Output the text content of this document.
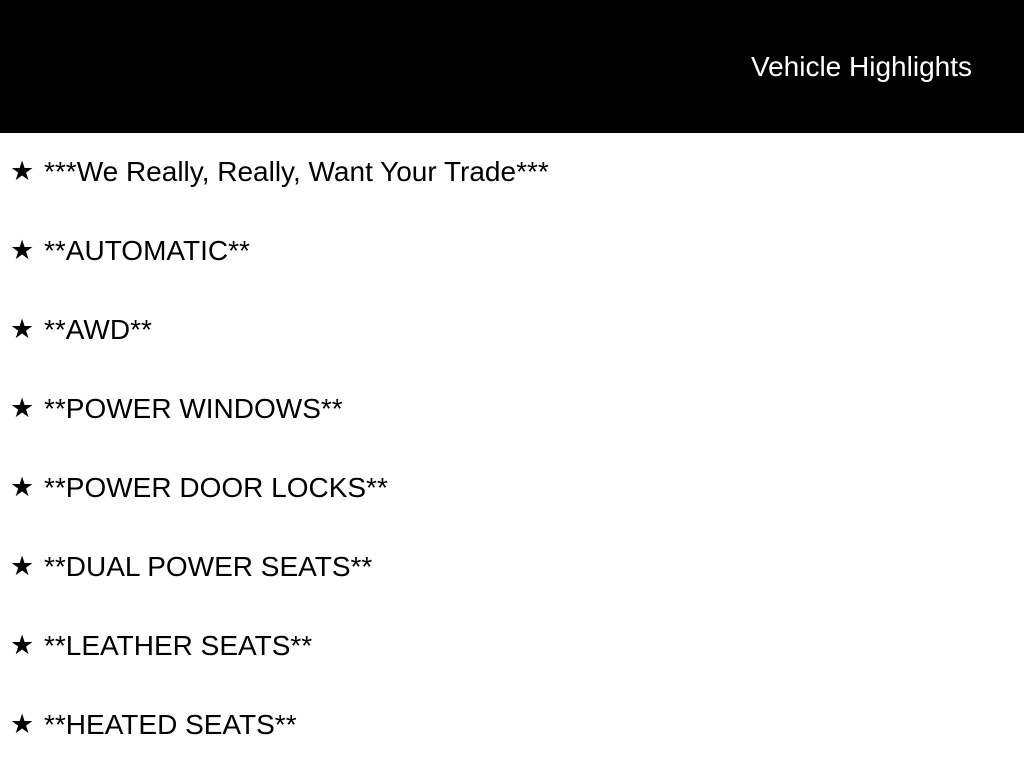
Vehicle Highlights
★ ***We Really, Really, Want Your Trade***
★ **AUTOMATIC**
★ **AWD**
★ **POWER WINDOWS**
★ **POWER DOOR LOCKS**
★ **DUAL POWER SEATS**
★ **LEATHER SEATS**
★ **HEATED SEATS**
